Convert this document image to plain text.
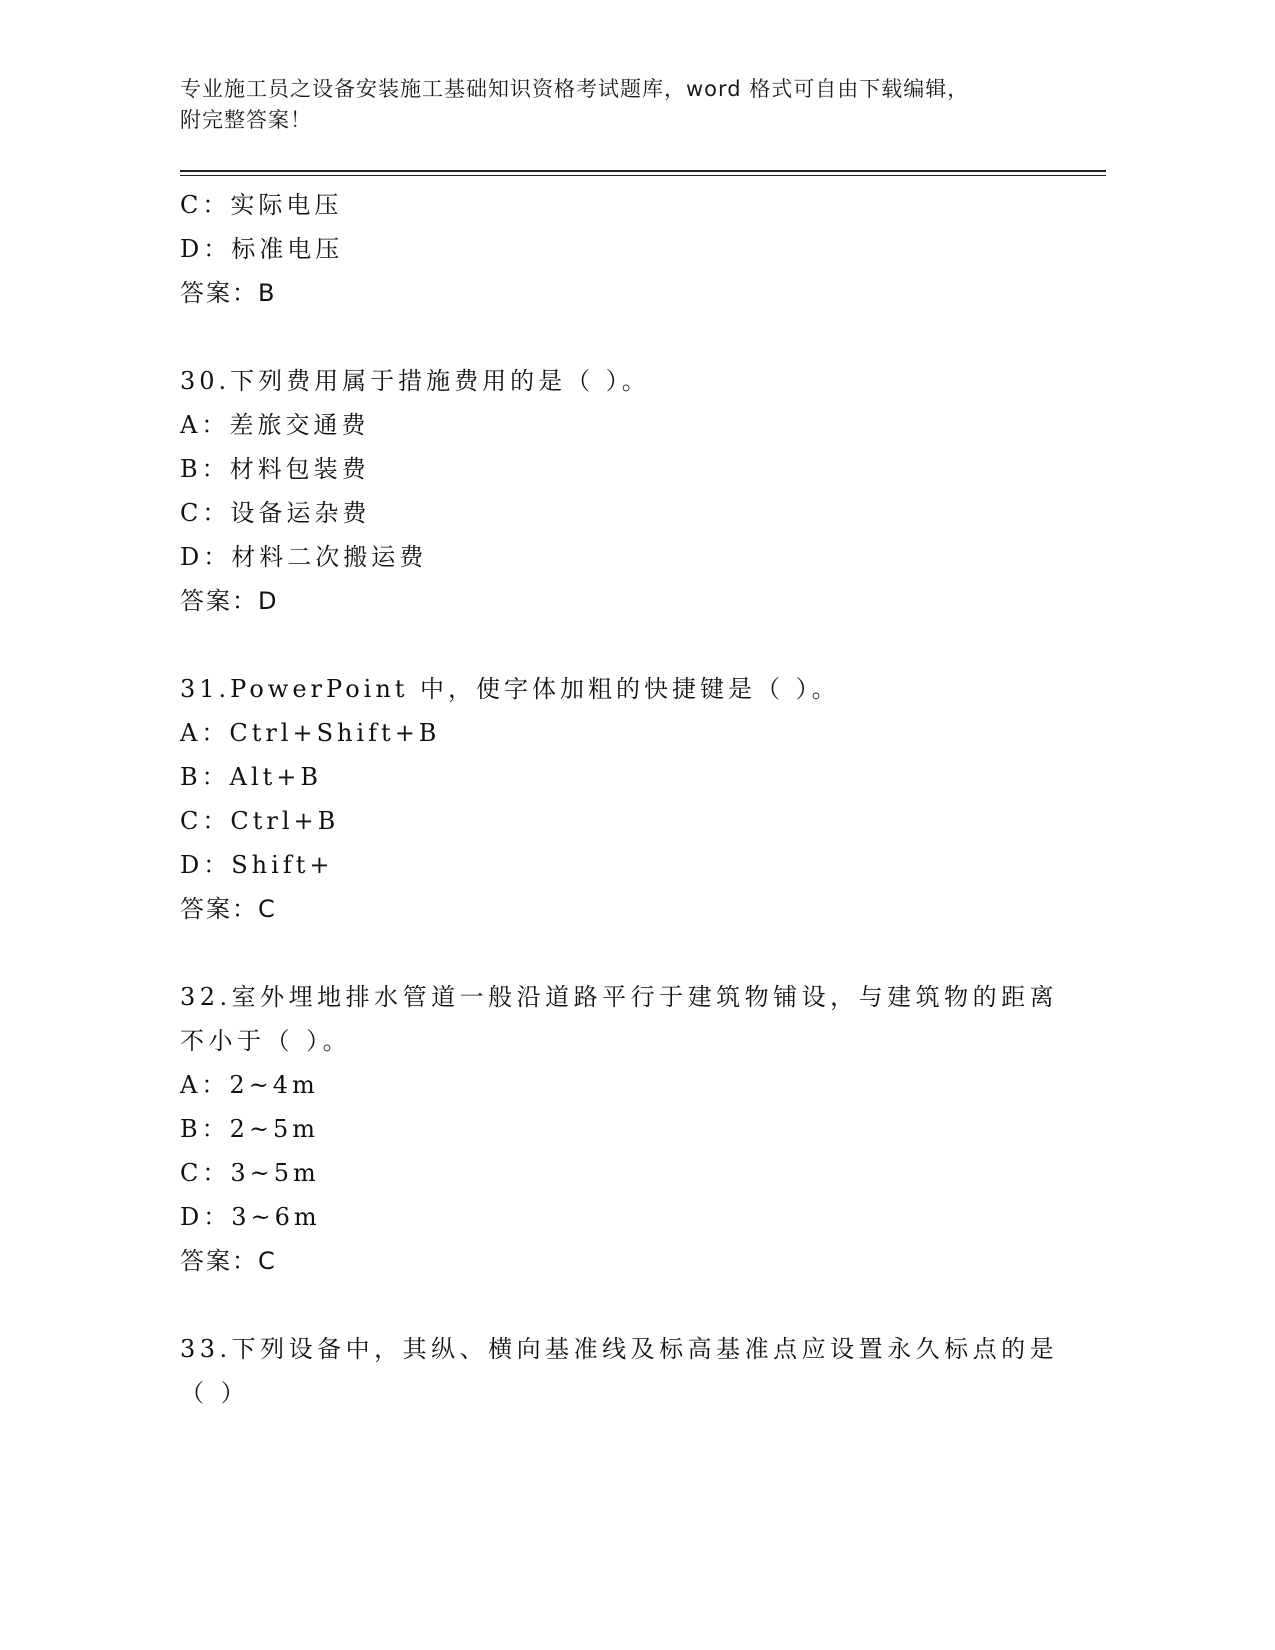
专业施工员之设备安装施工基础知识资格考试题库，word 格式可自由下载编辑，
附完整答案！
C：实际电压
D：标准电压
答案：B
30.下列费用属于措施费用的是（ ）。
A：差旅交通费
B：材料包装费
C：设备运杂费
D：材料二次搬运费
答案：D
31.PowerPoint 中，使字体加粗的快捷键是（ ）。
A：Ctrl+Shift+B
B：Alt+B
C：Ctrl+B
D：Shift+
答案：C
32.室外埋地排水管道一般沿道路平行于建筑物铺设，与建筑物的距离不小于（ ）。
A：2~4m
B：2~5m
C：3~5m
D：3~6m
答案：C
33.下列设备中，其纵、横向基准线及标高基准点应设置永久标点的是（ ）
